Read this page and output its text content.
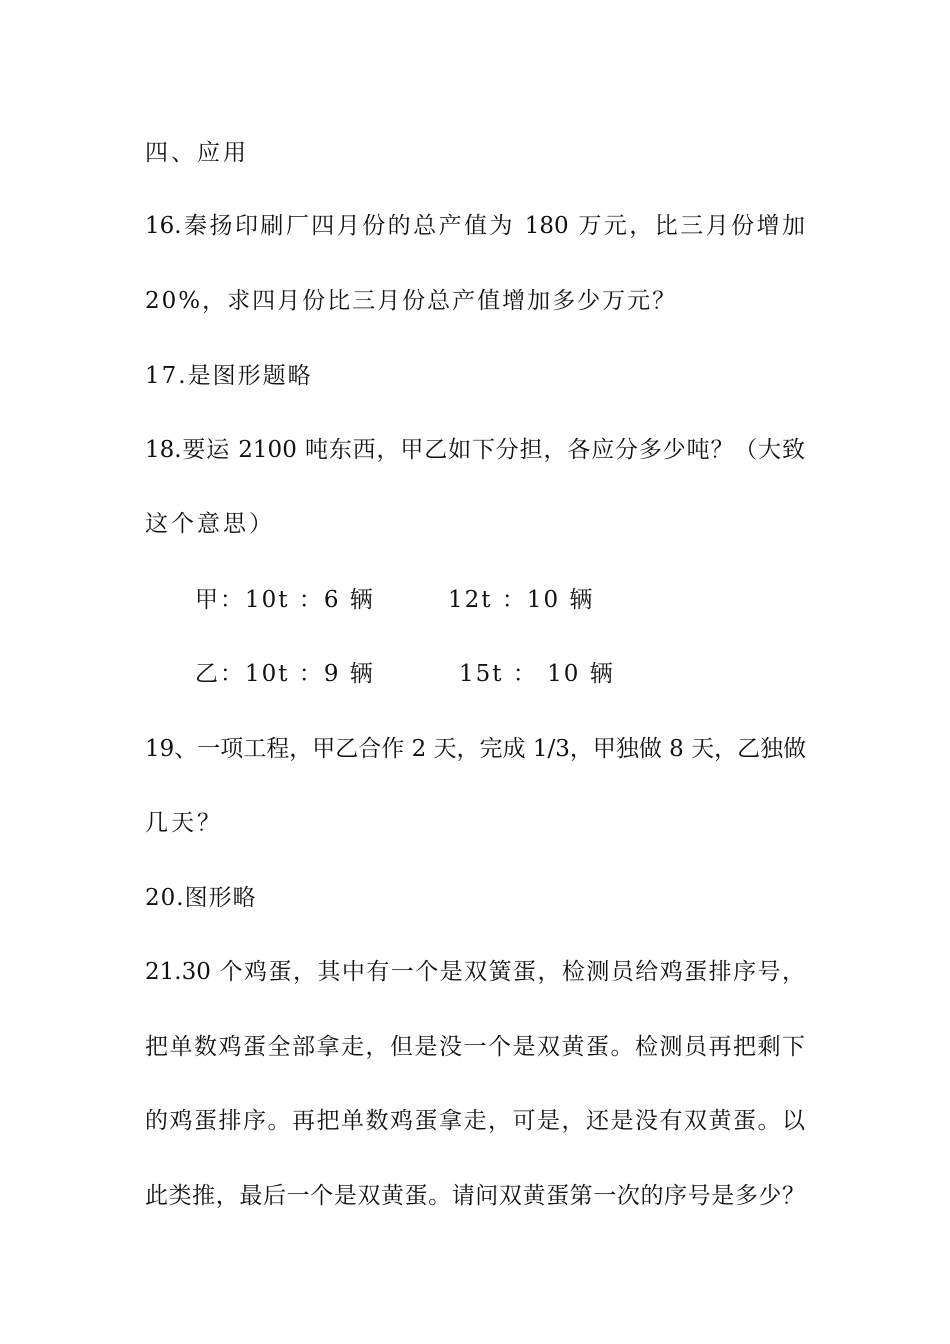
四、应用
16.秦扬印刷厂四月份的总产值为 180 万元，比三月份增加
20%，求四月份比三月份总产值增加多少万元？
17.是图形题略
18.要运 2100 吨东西，甲乙如下分担，各应分多少吨？（大致
这个意思）
甲：10t ：6 辆	12t ：10 辆
乙：10t ：9 辆	15t ： 10 辆
19、一项工程，甲乙合作 2 天，完成 1/3，甲独做 8 天，乙独做
几天？
20.图形略
21.30 个鸡蛋，其中有一个是双簧蛋，检测员给鸡蛋排序号，
把单数鸡蛋全部拿走，但是没一个是双黄蛋。检测员再把剩下
的鸡蛋排序。再把单数鸡蛋拿走，可是，还是没有双黄蛋。以
此类推，最后一个是双黄蛋。请问双黄蛋第一次的序号是多少？
